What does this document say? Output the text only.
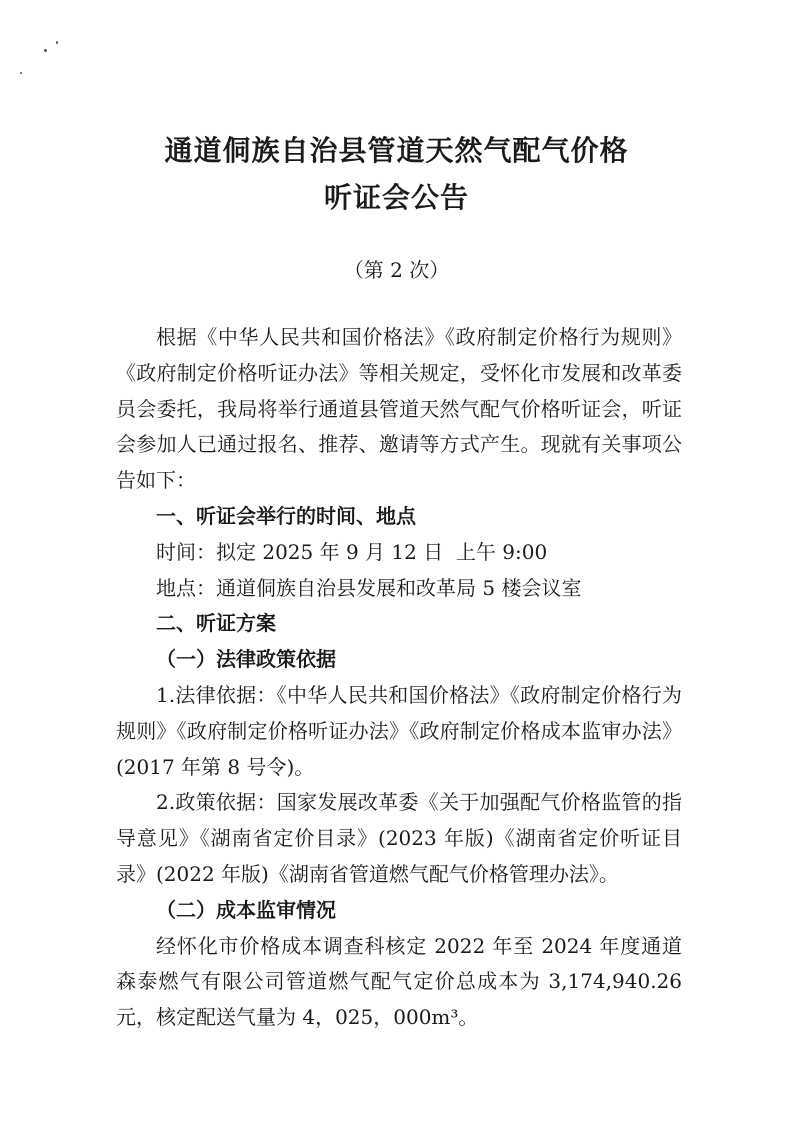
通道侗族自治县管道天然气配气价格
听证会公告
（第 2 次）

根据《中华人民共和国价格法》《政府制定价格行为规则》《政府制定价格听证办法》等相关规定，受怀化市发展和改革委员会委托，我局将举行通道县管道天然气配气价格听证会，听证会参加人已通过报名、推荐、邀请等方式产生。现就有关事项公告如下：

一、听证会举行的时间、地点

时间：拟定 2025 年 9 月 12 日  上午 9:00

地点：通道侗族自治县发展和改革局 5 楼会议室

二、听证方案

（一）法律政策依据

1.法律依据：《中华人民共和国价格法》《政府制定价格行为规则》《政府制定价格听证办法》《政府制定价格成本监审办法》(2017 年第 8 号令)。

2.政策依据：国家发展改革委《关于加强配气价格监管的指导意见》《湖南省定价目录》(2023 年版)《湖南省定价听证目录》(2022 年版)《湖南省管道燃气配气价格管理办法》。

（二）成本监审情况

经怀化市价格成本调查科核定 2022 年至 2024 年度通道森泰燃气有限公司管道燃气配气定价总成本为 3,174,940.26 元，核定配送气量为 4，025，000m³。
